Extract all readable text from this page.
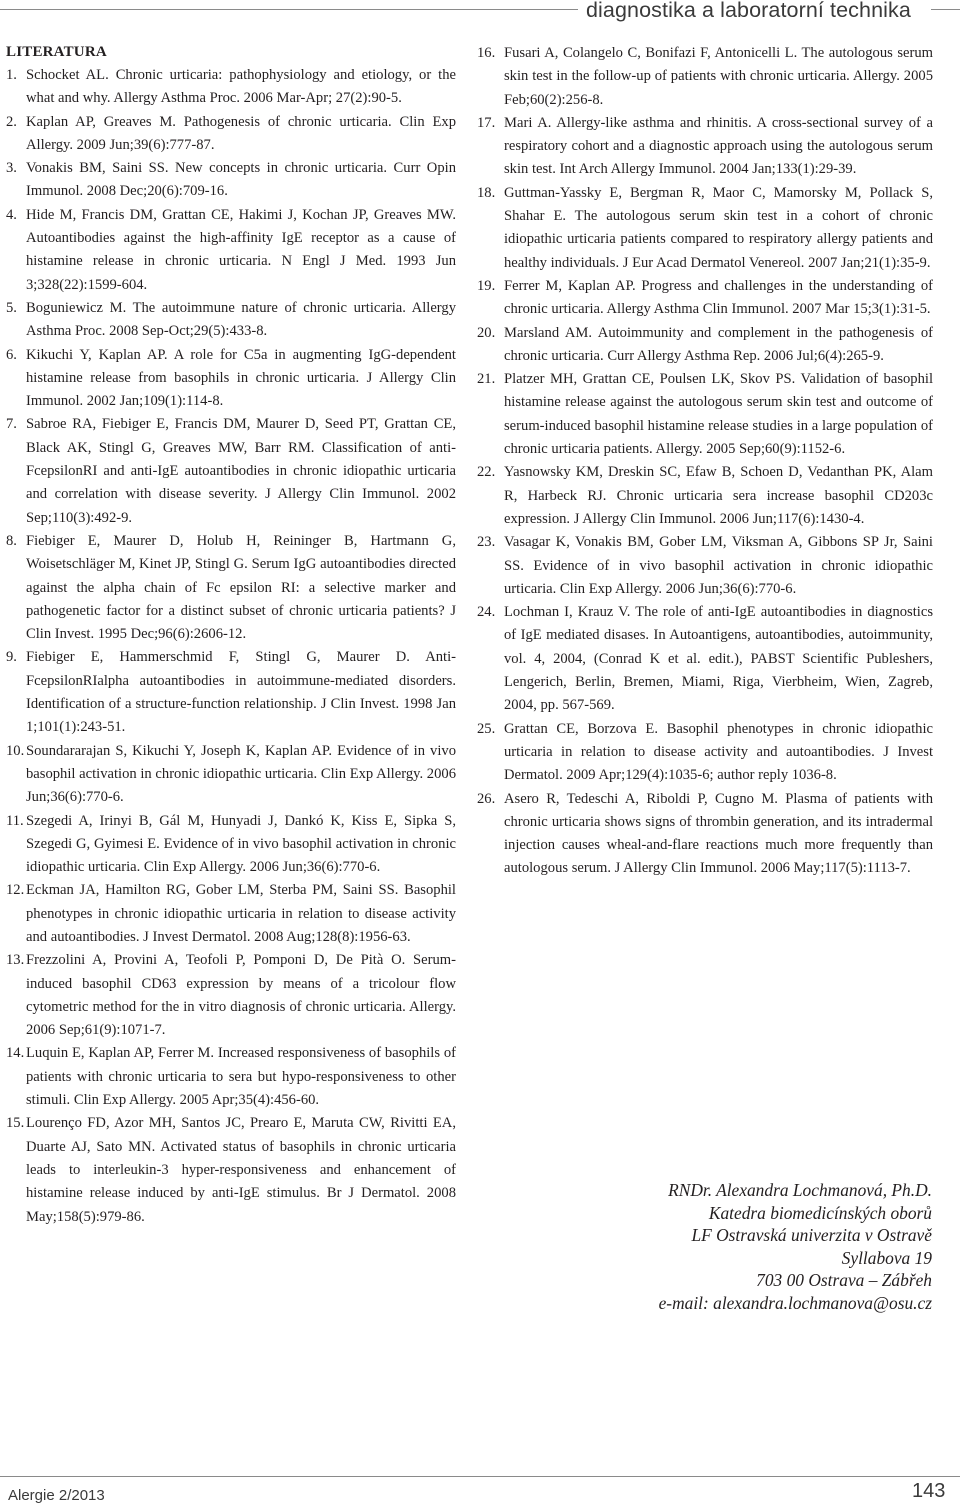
diagnostika a laboratorní technika
LITERATURA
1. Schocket AL. Chronic urticaria: pathophysiology and etiology, or the what and why. Allergy Asthma Proc. 2006 Mar-Apr; 27(2):90-5.
2. Kaplan AP, Greaves M. Pathogenesis of chronic urticaria. Clin Exp Allergy. 2009 Jun;39(6):777-87.
3. Vonakis BM, Saini SS. New concepts in chronic urticaria. Curr Opin Immunol. 2008 Dec;20(6):709-16.
4. Hide M, Francis DM, Grattan CE, Hakimi J, Kochan JP, Greaves MW. Autoantibodies against the high-affinity IgE receptor as a cause of histamine release in chronic urticaria. N Engl J Med. 1993 Jun 3;328(22):1599-604.
5. Boguniewicz M. The autoimmune nature of chronic urticaria. Allergy Asthma Proc. 2008 Sep-Oct;29(5):433-8.
6. Kikuchi Y, Kaplan AP. A role for C5a in augmenting IgG-dependent histamine release from basophils in chronic urticaria. J Allergy Clin Immunol. 2002 Jan;109(1):114-8.
7. Sabroe RA, Fiebiger E, Francis DM, Maurer D, Seed PT, Grattan CE, Black AK, Stingl G, Greaves MW, Barr RM. Classification of anti-FcepsilonRI and anti-IgE autoantibodies in chronic idiopathic urticaria and correlation with disease severity. J Allergy Clin Immunol. 2002 Sep;110(3):492-9.
8. Fiebiger E, Maurer D, Holub H, Reininger B, Hartmann G, Woisetschläger M, Kinet JP, Stingl G. Serum IgG autoantibodies directed against the alpha chain of Fc epsilon RI: a selective marker and pathogenetic factor for a distinct subset of chronic urticaria patients? J Clin Invest. 1995 Dec;96(6):2606-12.
9. Fiebiger E, Hammerschmid F, Stingl G, Maurer D. Anti-FcepsilonRIalpha autoantibodies in autoimmune-mediated disorders. Identification of a structure-function relationship. J Clin Invest. 1998 Jan 1;101(1):243-51.
10. Soundararajan S, Kikuchi Y, Joseph K, Kaplan AP. Evidence of in vivo basophil activation in chronic idiopathic urticaria. Clin Exp Allergy. 2006 Jun;36(6):770-6.
11. Szegedi A, Irinyi B, Gál M, Hunyadi J, Dankó K, Kiss E, Sipka S, Szegedi G, Gyimesi E. Evidence of in vivo basophil activation in chronic idiopathic urticaria. Clin Exp Allergy. 2006 Jun;36(6):770-6.
12. Eckman JA, Hamilton RG, Gober LM, Sterba PM, Saini SS. Basophil phenotypes in chronic idiopathic urticaria in relation to disease activity and autoantibodies. J Invest Dermatol. 2008 Aug;128(8):1956-63.
13. Frezzolini A, Provini A, Teofoli P, Pomponi D, De Pità O. Serum-induced basophil CD63 expression by means of a tricolour flow cytometric method for the in vitro diagnosis of chronic urticaria. Allergy. 2006 Sep;61(9):1071-7.
14. Luquin E, Kaplan AP, Ferrer M. Increased responsiveness of basophils of patients with chronic urticaria to sera but hypo-responsiveness to other stimuli. Clin Exp Allergy. 2005 Apr;35(4):456-60.
15. Lourenço FD, Azor MH, Santos JC, Prearo E, Maruta CW, Rivitti EA, Duarte AJ, Sato MN. Activated status of basophils in chronic urticaria leads to interleukin-3 hyper-responsiveness and enhancement of histamine release induced by anti-IgE stimulus. Br J Dermatol. 2008 May;158(5):979-86.
16. Fusari A, Colangelo C, Bonifazi F, Antonicelli L. The autologous serum skin test in the follow-up of patients with chronic urticaria. Allergy. 2005 Feb;60(2):256-8.
17. Mari A. Allergy-like asthma and rhinitis. A cross-sectional survey of a respiratory cohort and a diagnostic approach using the autologous serum skin test. Int Arch Allergy Immunol. 2004 Jan;133(1):29-39.
18. Guttman-Yassky E, Bergman R, Maor C, Mamorsky M, Pollack S, Shahar E. The autologous serum skin test in a cohort of chronic idiopathic urticaria patients compared to respiratory allergy patients and healthy individuals. J Eur Acad Dermatol Venereol. 2007 Jan;21(1):35-9.
19. Ferrer M, Kaplan AP. Progress and challenges in the understanding of chronic urticaria. Allergy Asthma Clin Immunol. 2007 Mar 15;3(1):31-5.
20. Marsland AM. Autoimmunity and complement in the pathogenesis of chronic urticaria. Curr Allergy Asthma Rep. 2006 Jul;6(4):265-9.
21. Platzer MH, Grattan CE, Poulsen LK, Skov PS. Validation of basophil histamine release against the autologous serum skin test and outcome of serum-induced basophil histamine release studies in a large population of chronic urticaria patients. Allergy. 2005 Sep;60(9):1152-6.
22. Yasnowsky KM, Dreskin SC, Efaw B, Schoen D, Vedanthan PK, Alam R, Harbeck RJ. Chronic urticaria sera increase basophil CD203c expression. J Allergy Clin Immunol. 2006 Jun;117(6):1430-4.
23. Vasagar K, Vonakis BM, Gober LM, Viksman A, Gibbons SP Jr, Saini SS. Evidence of in vivo basophil activation in chronic idiopathic urticaria. Clin Exp Allergy. 2006 Jun;36(6):770-6.
24. Lochman I, Krauz V. The role of anti-IgE autoantibodies in diagnostics of IgE mediated disases. In Autoantigens, autoantibodies, autoimmunity, vol. 4, 2004, (Conrad K et al. edit.), PABST Scientific Publeshers, Lengerich, Berlin, Bremen, Miami, Riga, Vierbheim, Wien, Zagreb, 2004, pp. 567-569.
25. Grattan CE, Borzova E. Basophil phenotypes in chronic idiopathic urticaria in relation to disease activity and autoantibodies. J Invest Dermatol. 2009 Apr;129(4):1035-6; author reply 1036-8.
26. Asero R, Tedeschi A, Riboldi P, Cugno M. Plasma of patients with chronic urticaria shows signs of thrombin generation, and its intradermal injection causes wheal-and-flare reactions much more frequently than autologous serum. J Allergy Clin Immunol. 2006 May;117(5):1113-7.
RNDr. Alexandra Lochmanová, Ph.D.
Katedra biomedicínských oborů
LF Ostravská univerzita v Ostravě
Syllabova 19
703 00 Ostrava – Zábřeh
e-mail: alexandra.lochmanova@osu.cz
Alergie 2/2013	143
